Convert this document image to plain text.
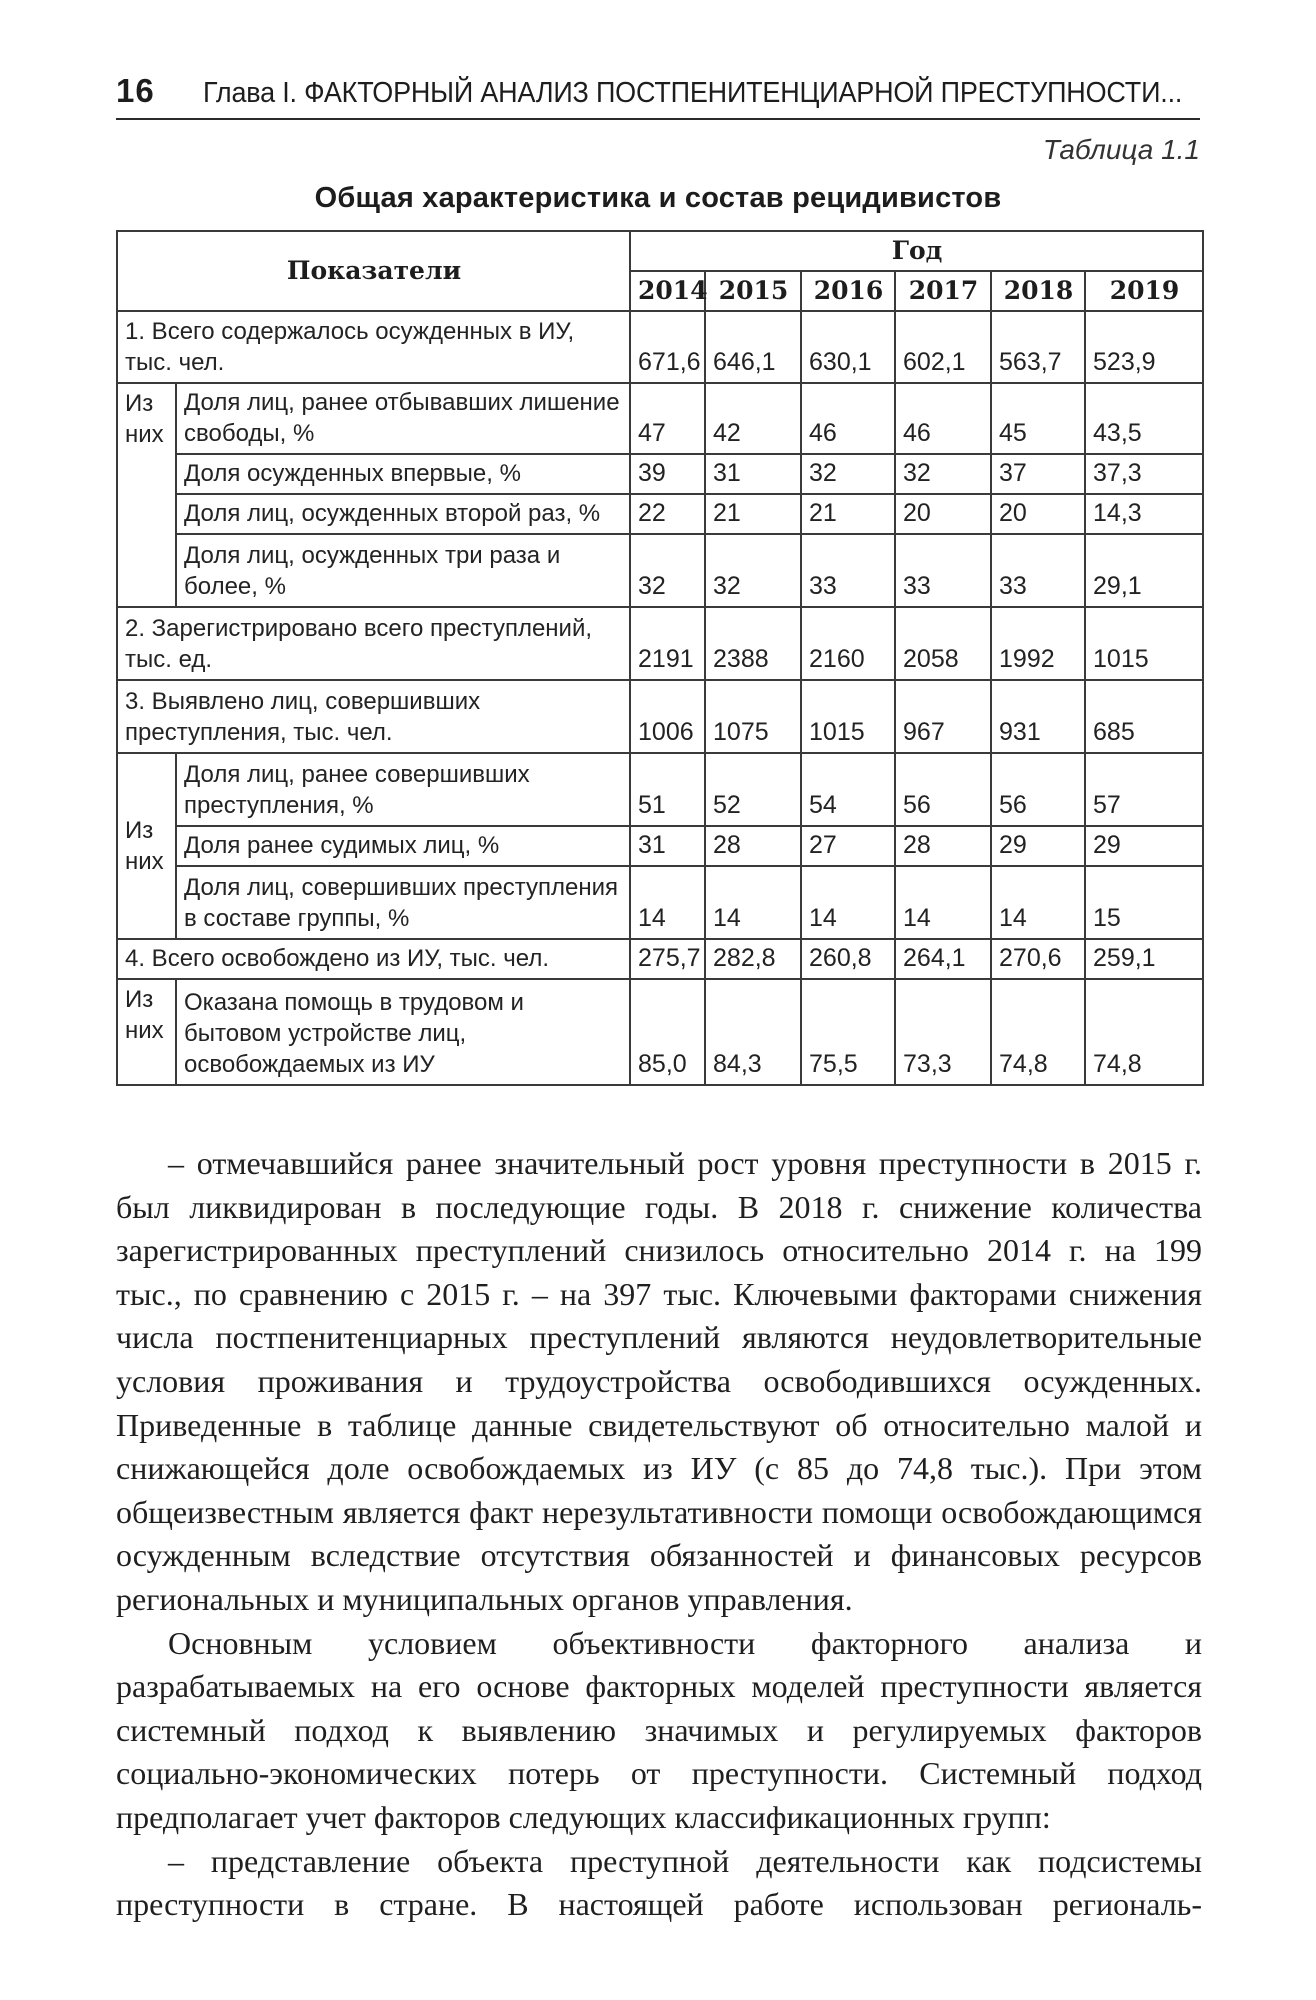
16 Глава I. ФАКТОРНЫЙ АНАЛИЗ ПОСТПЕНИТЕНЦИАРНОЙ ПРЕСТУПНОСТИ...
Таблица 1.1
Общая характеристика и состав рецидивистов
Показатели		Год					
		2014	2015	2016	2017	2018	2019
1. Всего содержалось осужденных в ИУ, тыс. чел.		671,6	646,1	630,1	602,1	563,7	523,9
Из них	Доля лиц, ранее отбывавших лишение свободы, %	47	42	46	46	45	43,5
	Доля осужденных впервые, %	39	31	32	32	37	37,3
	Доля лиц, осужденных второй раз, %	22	21	21	20	20	14,3
	Доля лиц, осужденных три раза и более, %	32	32	33	33	33	29,1
2. Зарегистрировано всего преступлений, тыс. ед.		2191	2388	2160	2058	1992	1015
3. Выявлено лиц, совершивших преступления, тыс. чел.		1006	1075	1015	967	931	685
Из них	Доля лиц, ранее совершивших преступления, %	51	52	54	56	56	57
	Доля ранее судимых лиц, %	31	28	27	28	29	29
	Доля лиц, совершивших преступления в составе группы, %	14	14	14	14	14	15
4. Всего освобождено из ИУ, тыс. чел.		275,7	282,8	260,8	264,1	270,6	259,1
Из них	Оказана помощь в трудовом и бытовом устройстве лиц, освобождаемых из ИУ	85,0	84,3	75,5	73,3	74,8	74,8

– отмечавшийся ранее значительный рост уровня преступности в 2015 г. был ликвидирован в последующие годы. В 2018 г. снижение количества зарегистрированных преступлений снизилось относительно 2014 г. на 199 тыс., по сравнению с 2015 г. – на 397 тыс. Ключевыми факторами снижения числа постпенитенциарных преступлений являются неудовлетворительные условия проживания и трудоустройства освободившихся осужденных. Приведенные в таблице данные свидетельствуют об относительно малой и снижающейся доле освобождаемых из ИУ (с 85 до 74,8 тыс.). При этом общеизвестным является факт нерезультативности помощи освобождающимся осужденным вследствие отсутствия обязанностей и финансовых ресурсов региональных и муниципальных органов управления.

Основным условием объективности факторного анализа и разрабатываемых на его основе факторных моделей преступности является системный подход к выявлению значимых и регулируемых факторов социально-экономических потерь от преступности. Системный подход предполагает учет факторов следующих классификационных групп:

– представление объекта преступной деятельности как подсистемы преступности в стране. В настоящей работе использован региональ-
